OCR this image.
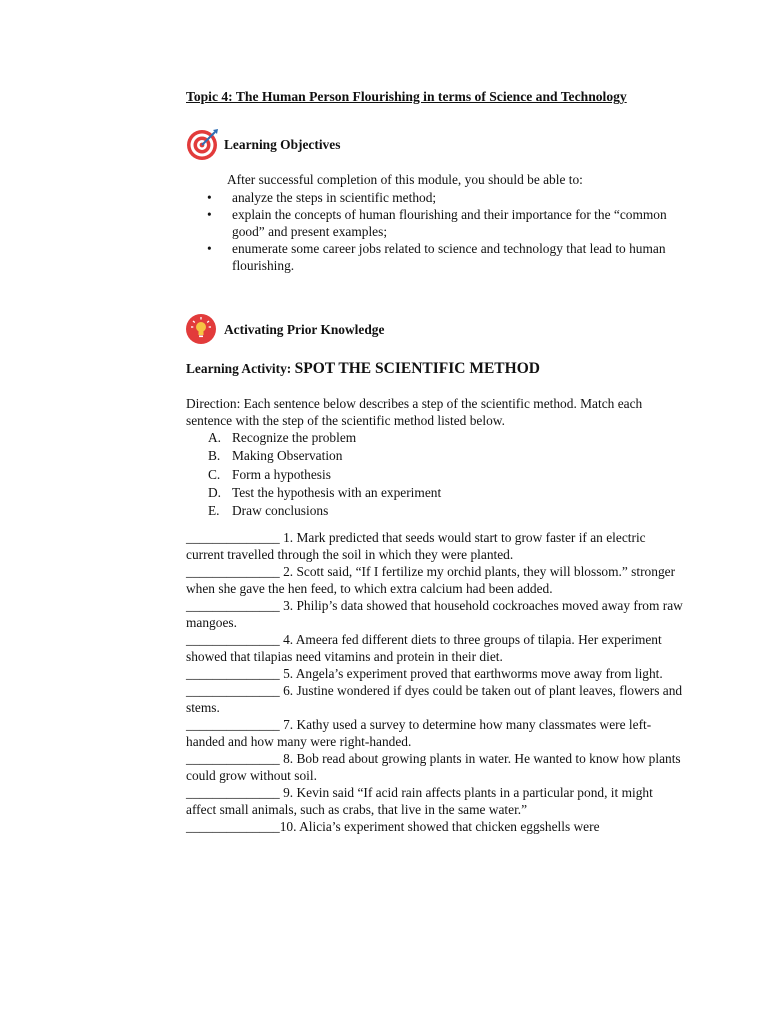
Topic 4: The Human Person Flourishing in terms of Science and Technology
Learning Objectives
After successful completion of this module, you should be able to:
• analyze the steps in scientific method;
• explain the concepts of human flourishing and their importance for the “common good” and present examples;
• enumerate some career jobs related to science and technology that lead to human flourishing.
Activating Prior Knowledge
Learning Activity: SPOT THE SCIENTIFIC METHOD
Direction: Each sentence below describes a step of the scientific method. Match each sentence with the step of the scientific method listed below.
A. Recognize the problem
B. Making Observation
C. Form a hypothesis
D. Test the hypothesis with an experiment
E. Draw conclusions

______________ 1. Mark predicted that seeds would start to grow faster if an electric current travelled through the soil in which they were planted.

______________ 2. Scott said, “If I fertilize my orchid plants, they will blossom.” stronger when she gave the hen feed, to which extra calcium had been added.

______________ 3. Philip’s data showed that household cockroaches moved away from raw mangoes.

______________ 4. Ameera fed different diets to three groups of tilapia. Her experiment showed that tilapias need vitamins and protein in their diet.

______________ 5. Angela’s experiment proved that earthworms move away from light.

______________ 6. Justine wondered if dyes could be taken out of plant leaves, flowers and stems.

______________ 7. Kathy used a survey to determine how many classmates were left-handed and how many were right-handed.

______________ 8. Bob read about growing plants in water. He wanted to know how plants could grow without soil.

______________ 9. Kevin said “If acid rain affects plants in a particular pond, it might affect small animals, such as crabs, that live in the same water.”

______________10. Alicia’s experiment showed that chicken eggshells were
